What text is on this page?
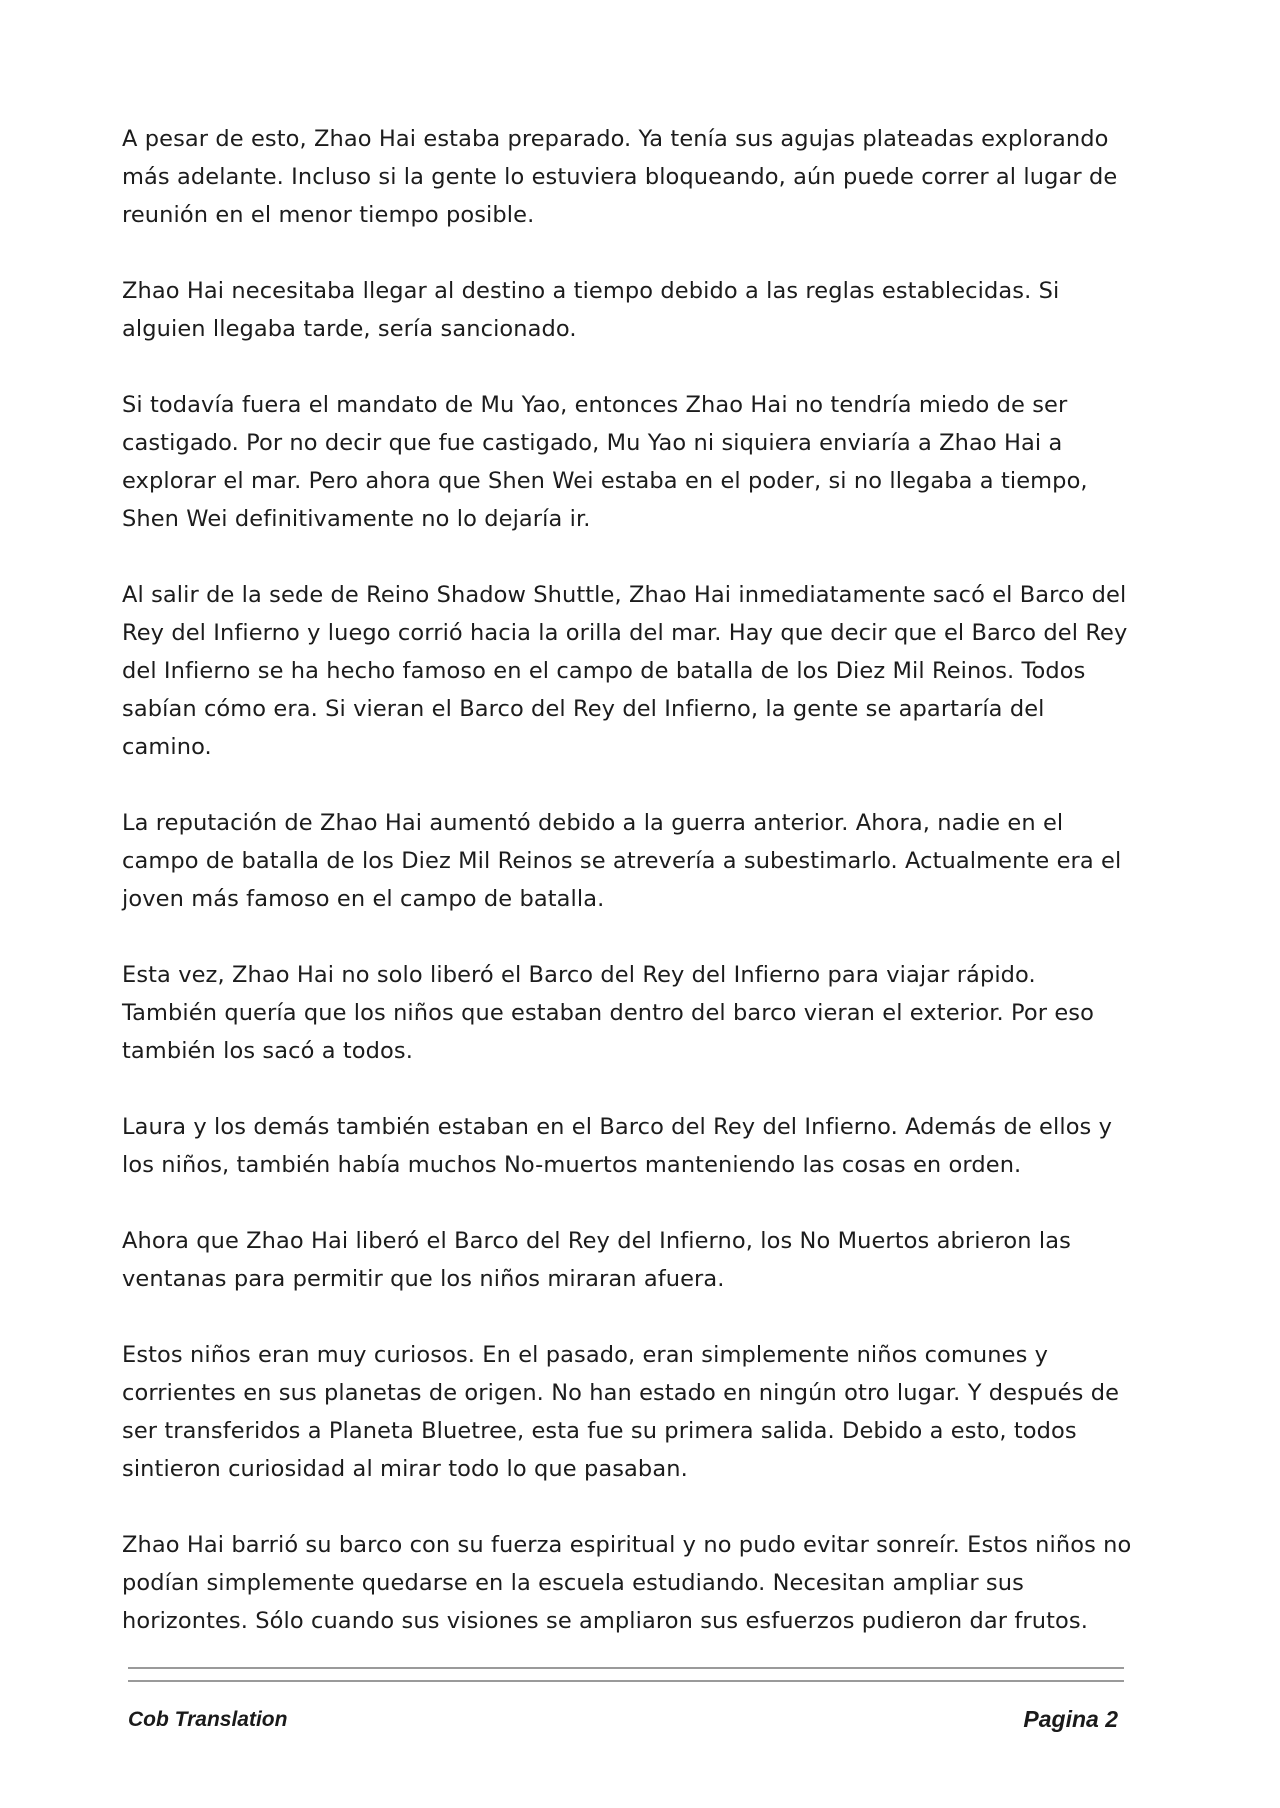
A pesar de esto, Zhao Hai estaba preparado. Ya tenía sus agujas plateadas explorando más adelante. Incluso si la gente lo estuviera bloqueando, aún puede correr al lugar de reunión en el menor tiempo posible.

Zhao Hai necesitaba llegar al destino a tiempo debido a las reglas establecidas. Si alguien llegaba tarde, sería sancionado.

Si todavía fuera el mandato de Mu Yao, entonces Zhao Hai no tendría miedo de ser castigado. Por no decir que fue castigado, Mu Yao ni siquiera enviaría a Zhao Hai a explorar el mar. Pero ahora que Shen Wei estaba en el poder, si no llegaba a tiempo, Shen Wei definitivamente no lo dejaría ir.

Al salir de la sede de Reino Shadow Shuttle, Zhao Hai inmediatamente sacó el Barco del Rey del Infierno y luego corrió hacia la orilla del mar. Hay que decir que el Barco del Rey del Infierno se ha hecho famoso en el campo de batalla de los Diez Mil Reinos. Todos sabían cómo era. Si vieran el Barco del Rey del Infierno, la gente se apartaría del camino.

La reputación de Zhao Hai aumentó debido a la guerra anterior. Ahora, nadie en el campo de batalla de los Diez Mil Reinos se atrevería a subestimarlo. Actualmente era el joven más famoso en el campo de batalla.

Esta vez, Zhao Hai no solo liberó el Barco del Rey del Infierno para viajar rápido. También quería que los niños que estaban dentro del barco vieran el exterior. Por eso también los sacó a todos.

Laura y los demás también estaban en el Barco del Rey del Infierno. Además de ellos y los niños, también había muchos No-muertos manteniendo las cosas en orden.

Ahora que Zhao Hai liberó el Barco del Rey del Infierno, los No Muertos abrieron las ventanas para permitir que los niños miraran afuera.

Estos niños eran muy curiosos. En el pasado, eran simplemente niños comunes y corrientes en sus planetas de origen. No han estado en ningún otro lugar. Y después de ser transferidos a Planeta Bluetree, esta fue su primera salida. Debido a esto, todos sintieron curiosidad al mirar todo lo que pasaban.

Zhao Hai barrió su barco con su fuerza espiritual y no pudo evitar sonreír. Estos niños no podían simplemente quedarse en la escuela estudiando. Necesitan ampliar sus horizontes. Sólo cuando sus visiones se ampliaron sus esfuerzos pudieron dar frutos.

Cob Translation	Pagina 2
